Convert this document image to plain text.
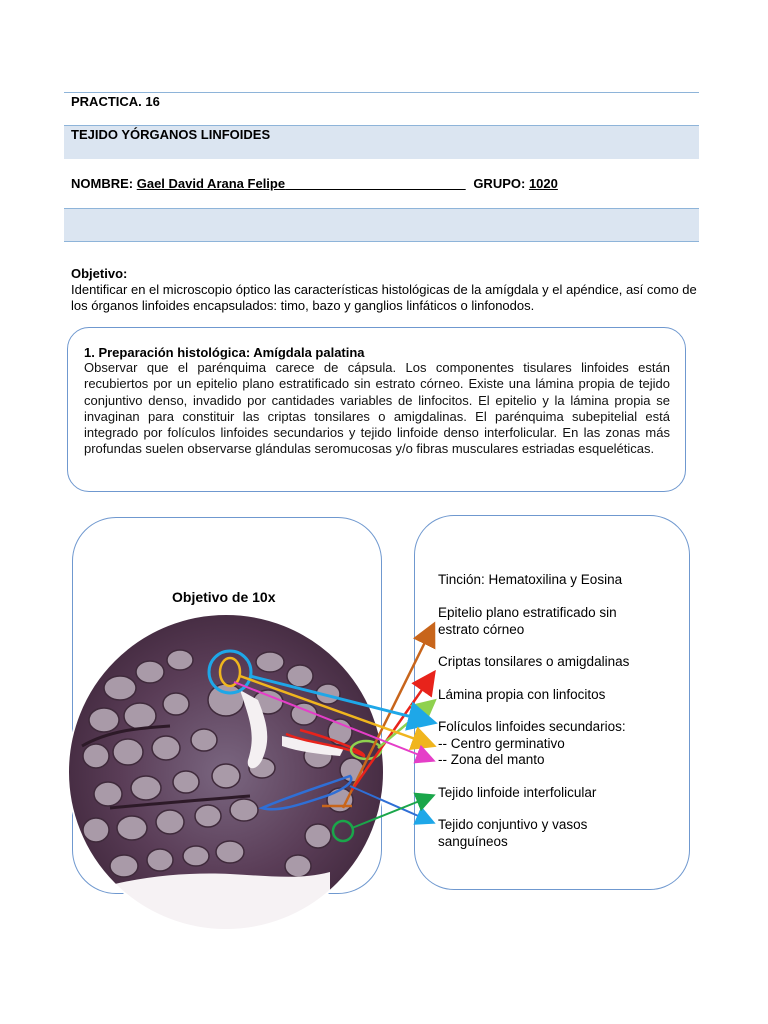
PRACTICA. 16
TEJIDO YÓRGANOS LINFOIDES
NOMBRE: Gael David Arana Felipe	GRUPO: 1020
Objetivo:
Identificar en el microscopio óptico las características histológicas de la amígdala y el apéndice, así como de los órganos linfoides encapsulados: timo, bazo y ganglios linfáticos o linfonodos.
1. Preparación histológica: Amígdala palatina
Observar que el parénquima carece de cápsula. Los componentes tisulares linfoides están recubiertos por un epitelio plano estratificado sin estrato córneo. Existe una lámina propia de tejido conjuntivo denso, invadido por cantidades variables de linfocitos. El epitelio y la lámina propia se invaginan para constituir las criptas tonsilares o amigdalinas. El parénquima subepitelial está integrado por folículos linfoides secundarios y tejido linfoide denso interfolicular. En las zonas más profundas suelen observarse glándulas seromucosas y/o fibras musculares estriadas esqueléticas.
Objetivo de 10x
Tinción: Hematoxilina y Eosina
Epitelio plano estratificado sin
estrato córneo
Criptas tonsilares o amigdalinas
Lámina propia con linfocitos
Folículos linfoides secundarios:
-- Centro germinativo
-- Zona del manto
Tejido linfoide interfolicular
Tejido conjuntivo y vasos
sanguíneos
